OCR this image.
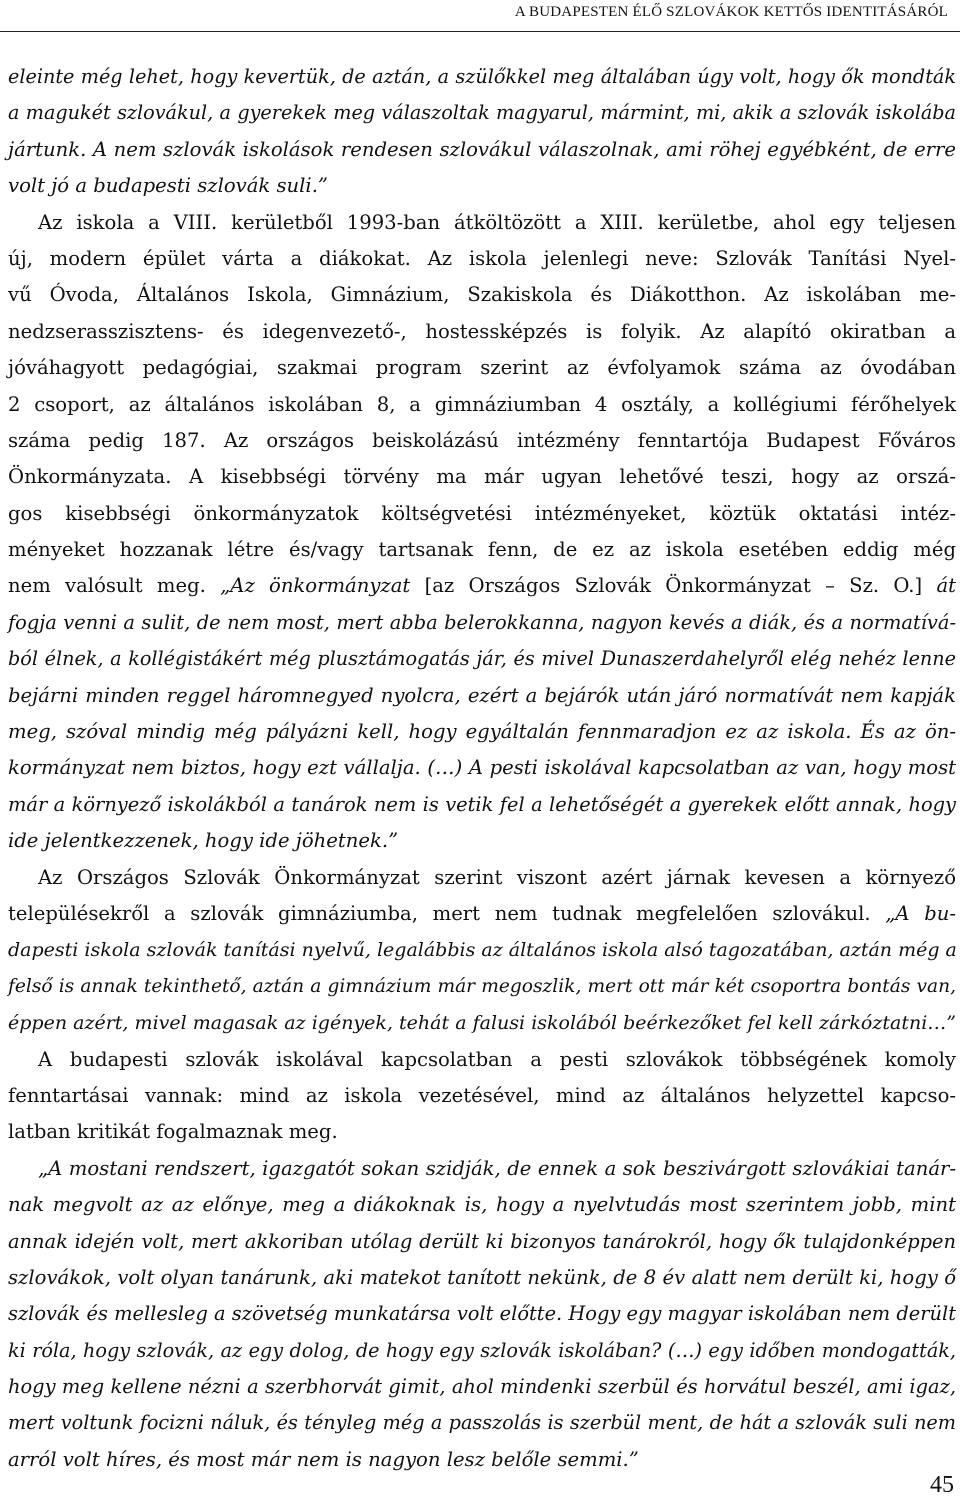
A BUDAPESTEN ÉLŐ SZLOVÁKOK KETTŐS IDENTITÁSÁRÓL
eleinte még lehet, hogy kevertük, de aztán, a szülőkkel meg általában úgy volt, hogy ők mondták
a magukét szlovákul, a gyerekek meg válaszoltak magyarul, mármint, mi, akik a szlovák iskolába
jártunk. A nem szlovák iskolások rendesen szlovákul válaszolnak, ami röhej egyébként, de erre
volt jó a budapesti szlovák suli.”
Az iskola a VIII. kerületből 1993-ban átköltözött a XIII. kerületbe, ahol egy teljesen
új, modern épület várta a diákokat. Az iskola jelenlegi neve: Szlovák Tanítási Nyel-
vű Óvoda, Általános Iskola, Gimnázium, Szakiskola és Diákotthon. Az iskolában me-
nedzserasszisztens- és idegenvezető-, hostessképzés is folyik. Az alapító okiratban a
jóváhagyott pedagógiai, szakmai program szerint az évfolyamok száma az óvodában
2 csoport, az általános iskolában 8, a gimnáziumban 4 osztály, a kollégiumi férőhelyek
száma pedig 187. Az országos beiskolázású intézmény fenntartója Budapest Főváros
Önkormányzata. A kisebbségi törvény ma már ugyan lehetővé teszi, hogy az orszá-
gos kisebbségi önkormányzatok költségvetési intézményeket, köztük oktatási intéz-
ményeket hozzanak létre és/vagy tartsanak fenn, de ez az iskola esetében eddig még
nem valósult meg. „Az önkormányzat [az Országos Szlovák Önkormányzat – Sz. O.] át
fogja venni a sulit, de nem most, mert abba belerokkanna, nagyon kevés a diák, és a normatívá-
ból élnek, a kollégistákért még plusztámogatás jár, és mivel Dunaszerdahelyről elég nehéz lenne
bejárni minden reggel háromnegyed nyolcra, ezért a bejárók után járó normatívát nem kapják
meg, szóval mindig még pályázni kell, hogy egyáltalán fennmaradjon ez az iskola. És az ön-
kormányzat nem biztos, hogy ezt vállalja. (…) A pesti iskolával kapcsolatban az van, hogy most
már a környező iskolákból a tanárok nem is vetik fel a lehetőségét a gyerekek előtt annak, hogy
ide jelentkezzenek, hogy ide jöhetnek.”
Az Országos Szlovák Önkormányzat szerint viszont azért járnak kevesen a környező
településekről a szlovák gimnáziumba, mert nem tudnak megfelelően szlovákul. „A bu-
dapesti iskola szlovák tanítási nyelvű, legalábbis az általános iskola alsó tagozatában, aztán még a
felső is annak tekinthető, aztán a gimnázium már megoszlik, mert ott már két csoportra bontás van,
éppen azért, mivel magasak az igények, tehát a falusi iskolából beérkezőket fel kell zárkóztatni…”
A budapesti szlovák iskolával kapcsolatban a pesti szlovákok többségének komoly
fenntartásai vannak: mind az iskola vezetésével, mind az általános helyzettel kapcso-
latban kritikát fogalmaznak meg.
„A mostani rendszert, igazgatót sokan szidják, de ennek a sok beszivárgott szlovákiai tanár-
nak megvolt az az előnye, meg a diákoknak is, hogy a nyelvtudás most szerintem jobb, mint
annak idején volt, mert akkoriban utólag derült ki bizonyos tanárokról, hogy ők tulajdonképpen
szlovákok, volt olyan tanárunk, aki matekot tanított nekünk, de 8 év alatt nem derült ki, hogy ő
szlovák és mellesleg a szövetség munkatársa volt előtte. Hogy egy magyar iskolában nem derült
ki róla, hogy szlovák, az egy dolog, de hogy egy szlovák iskolában? (…) egy időben mondogatták,
hogy meg kellene nézni a szerbhorvát gimit, ahol mindenki szerbül és horvátul beszél, ami igaz,
mert voltunk focizni náluk, és tényleg még a passzolás is szerbül ment, de hát a szlovák suli nem
arról volt híres, és most már nem is nagyon lesz belőle semmi.”
45
